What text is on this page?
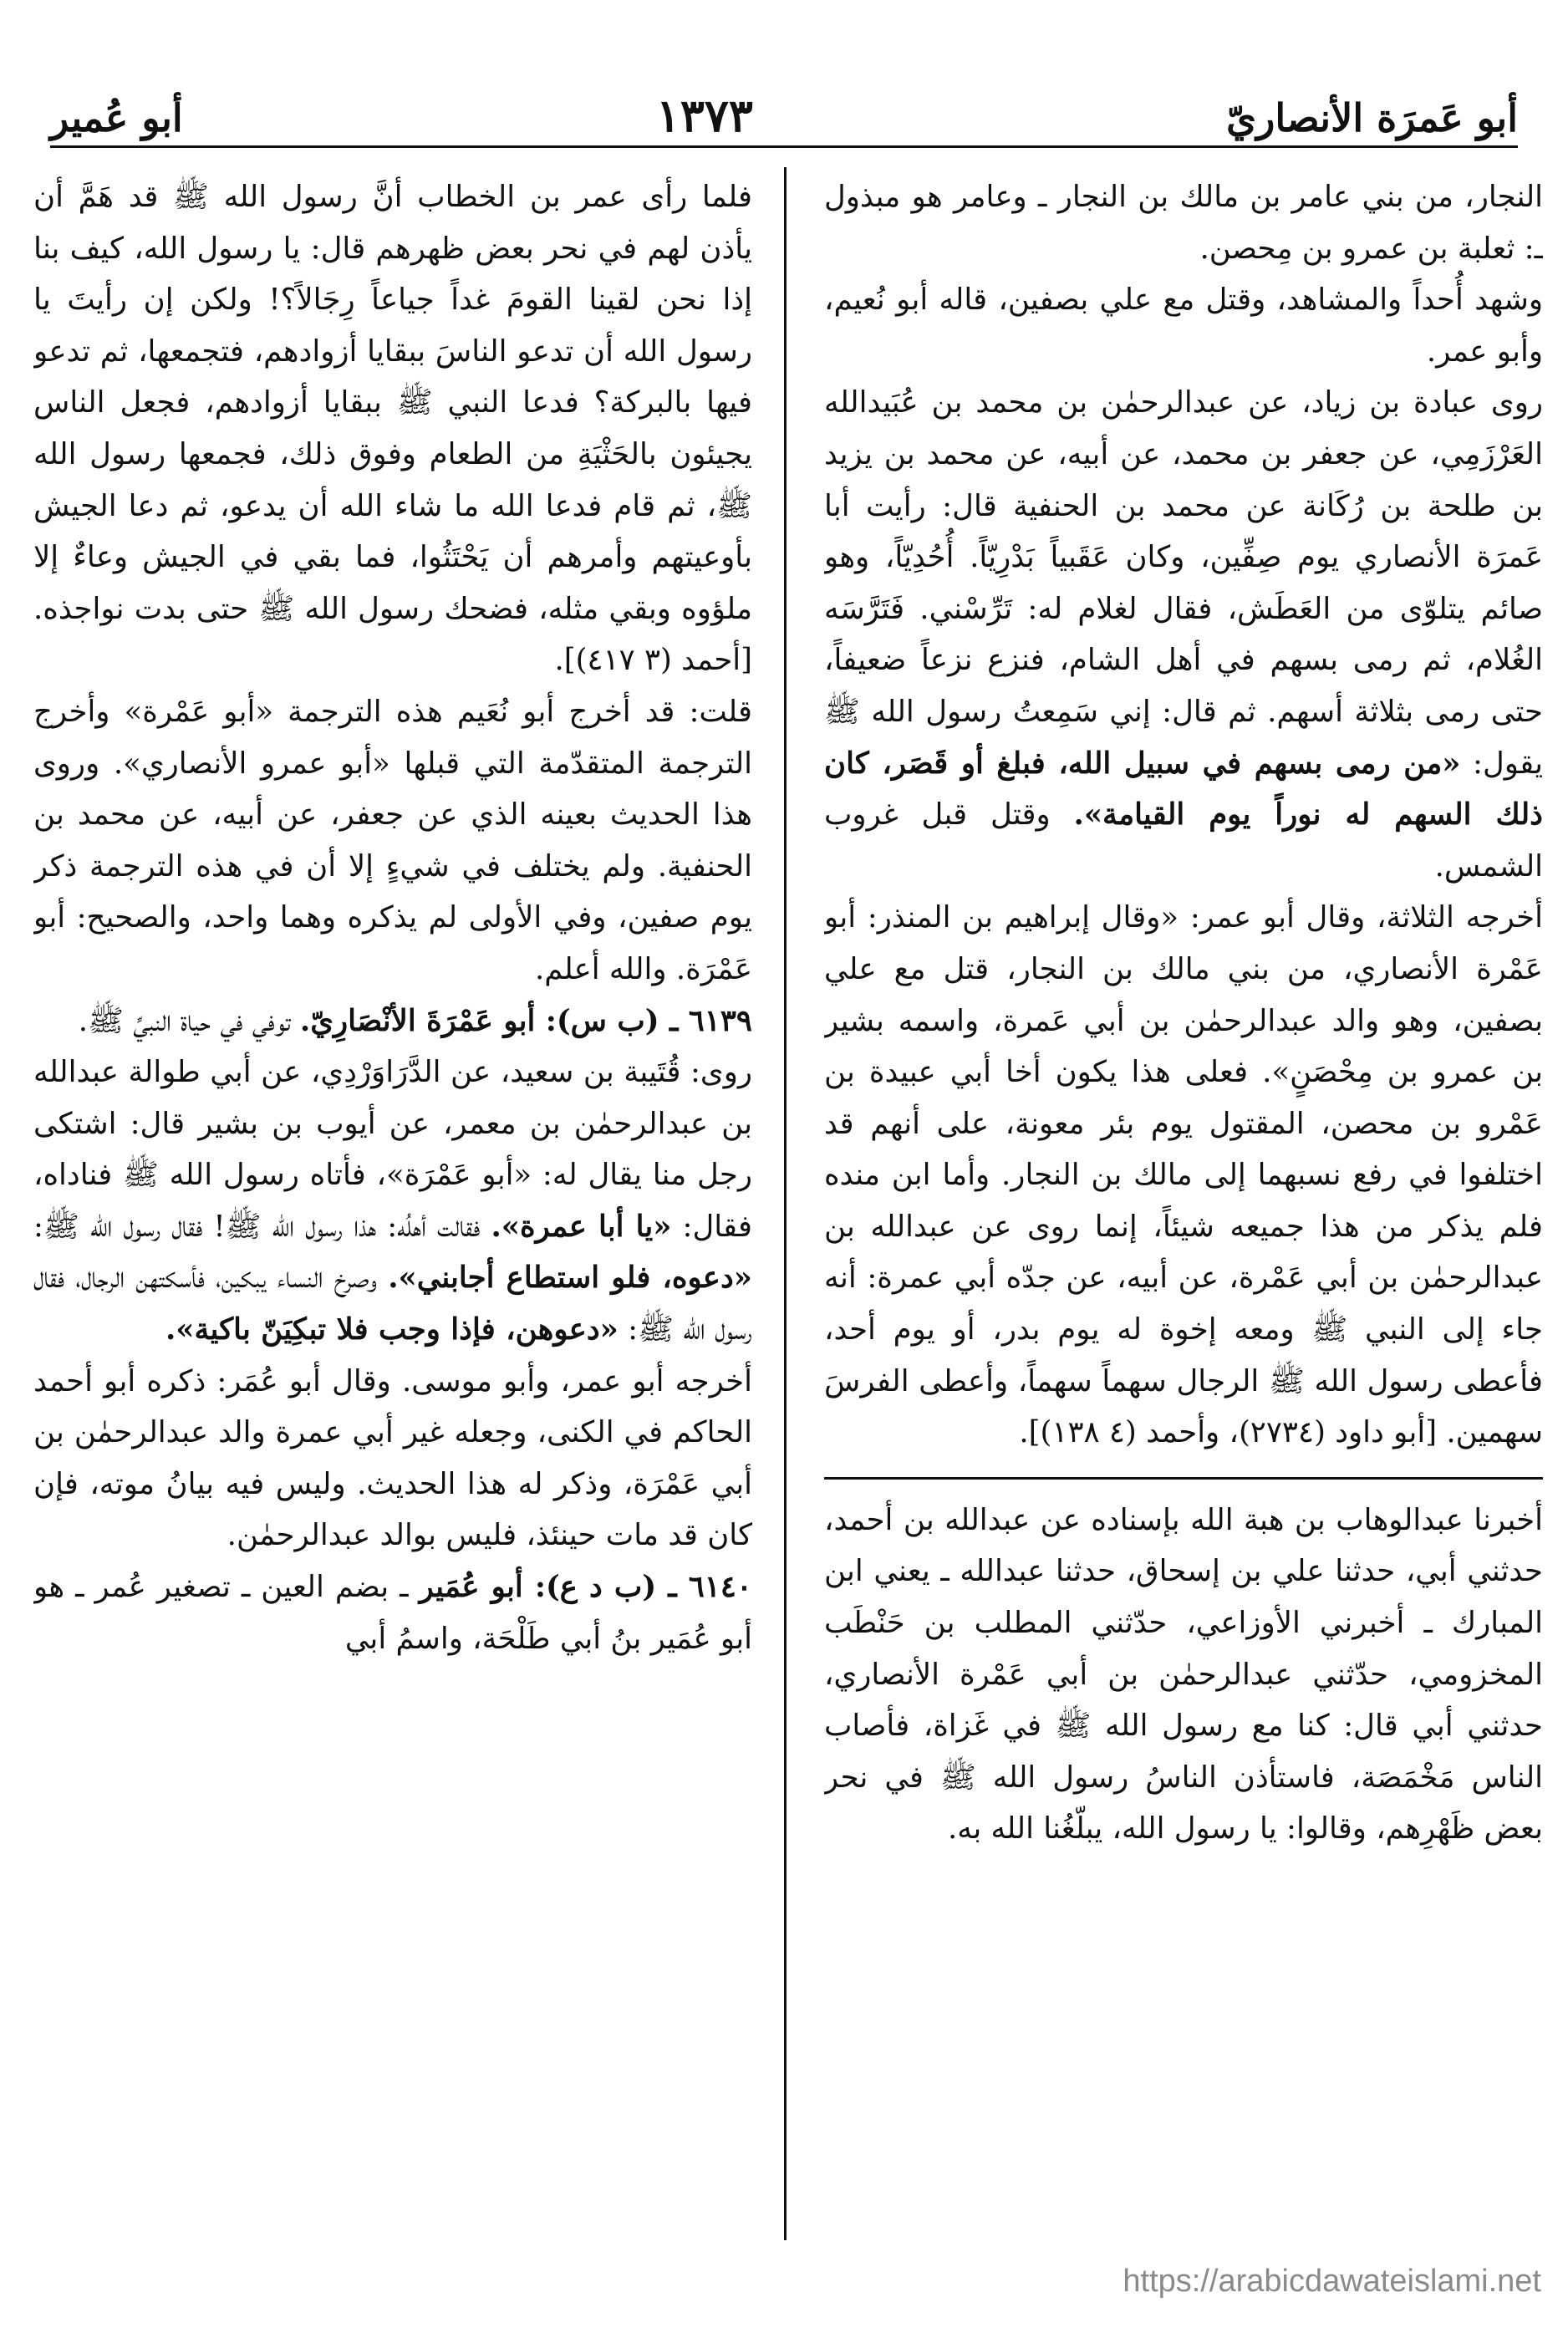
أبو عَمرَة الأنصاريّ
١٣٧٣
أبو عُمير

النجار، من بني عامر بن مالك بن النجار ـ وعامر هو مبذول ـ: ثعلبة بن عمرو بن مِحصن.

وشهد أُحداً والمشاهد، وقتل مع علي بصفين، قاله أبو نُعيم، وأبو عمر.

روى عبادة بن زياد، عن عبدالرحمٰن بن محمد بن عُبَيدالله العَرْزَمِي، عن جعفر بن محمد، عن أبيه، عن محمد بن يزيد بن طلحة بن رُكَانة عن محمد بن الحنفية قال: رأيت أبا عَمرَة الأنصاري يوم صِفِّين، وكان عَقَبياً بَدْرِيّاً. أُحُدِيّاً، وهو صائم يتلوّى من العَطَش، فقال لغلام له: تَرِّسْني. فَتَرَّسَه الغُلام، ثم رمى بسهم في أهل الشام، فنزع نزعاً ضعيفاً، حتى رمى بثلاثة أسهم. ثم قال: إني سَمِعتُ رسول الله ﷺ يقول: «من رمى بسهم في سبيل الله، فبلغ أو قَصَر، كان ذلك السهم له نوراً يوم القيامة». وقتل قبل غروب الشمس.

أخرجه الثلاثة، وقال أبو عمر: «وقال إبراهيم بن المنذر: أبو عَمْرة الأنصاري، من بني مالك بن النجار، قتل مع علي بصفين، وهو والد عبدالرحمٰن بن أبي عَمرة، واسمه بشير بن عمرو بن مِحْصَنٍ». فعلى هذا يكون أخا أبي عبيدة بن عَمْرو بن محصن، المقتول يوم بئر معونة، على أنهم قد اختلفوا في رفع نسبهما إلى مالك بن النجار. وأما ابن منده فلم يذكر من هذا جميعه شيئاً، إنما روى عن عبدالله بن عبدالرحمٰن بن أبي عَمْرة، عن أبيه، عن جدّه أبي عمرة: أنه جاء إلى النبي ﷺ ومعه إخوة له يوم بدر، أو يوم أحد، فأعطى رسول الله ﷺ الرجال سهماً سهماً، وأعطى الفرسَ سهمين. [أبو داود (٢٧٣٤)، وأحمد (٤ ١٣٨)].

أخبرنا عبدالوهاب بن هبة الله بإسناده عن عبدالله بن أحمد، حدثني أبي، حدثنا علي بن إسحاق، حدثنا عبدالله ـ يعني ابن المبارك ـ أخبرني الأوزاعي، حدّثني المطلب بن حَنْطَب المخزومي، حدّثني عبدالرحمٰن بن أبي عَمْرة الأنصاري، حدثني أبي قال: كنا مع رسول الله ﷺ في غَزاة، فأصاب الناس مَخْمَصَة، فاستأذن الناسُ رسول الله ﷺ في نحر بعض ظَهْرِهم، وقالوا: يا رسول الله، يبلّغُنا الله به.

فلما رأى عمر بن الخطاب أنَّ رسول الله ﷺ قد هَمَّ أن يأذن لهم في نحر بعض ظهرهم قال: يا رسول الله، كيف بنا إذا نحن لقينا القومَ غداً جياعاً رِجَالاً؟! ولكن إن رأيتَ يا رسول الله أن تدعو الناسَ ببقايا أزوادهم، فتجمعها، ثم تدعو فيها بالبركة؟ فدعا النبي ﷺ ببقايا أزوادهم، فجعل الناس يجيئون بالحَثْيَةِ من الطعام وفوق ذلك، فجمعها رسول الله ﷺ، ثم قام فدعا الله ما شاء الله أن يدعو، ثم دعا الجيش بأوعيتهم وأمرهم أن يَحْتَثُوا، فما بقي في الجيش وعاءٌ إلا ملؤوه وبقي مثله، فضحك رسول الله ﷺ حتى بدت نواجذه. [أحمد (٣ ٤١٧)].

قلت: قد أخرج أبو نُعَيم هذه الترجمة «أبو عَمْرة» وأخرج الترجمة المتقدّمة التي قبلها «أبو عمرو الأنصاري». وروى هذا الحديث بعينه الذي عن جعفر، عن أبيه، عن محمد بن الحنفية. ولم يختلف في شيءٍ إلا أن في هذه الترجمة ذكر يوم صفين، وفي الأولى لم يذكره وهما واحد، والصحيح: أبو عَمْرَة. والله أعلم.

٦١٣٩ ـ (ب س): أبو عَمْرَةَ الأنْصَارِيّ. توفي في حياة النبيِّ ﷺ.

روى: قُتَيبة بن سعيد، عن الدَّرَاوَرْدِي، عن أبي طوالة عبدالله بن عبدالرحمٰن بن معمر، عن أيوب بن بشير قال: اشتكى رجل منا يقال له: «أبو عَمْرَة»، فأتاه رسول الله ﷺ فناداه، فقال: «يا أبا عمرة». فقالت أهلُه: هذا رسول الله ﷺ! فقال رسول الله ﷺ: «دعوه، فلو استطاع أجابني». وصرخ النساء يبكين، فأسكتهن الرجال، فقال رسول الله ﷺ: «دعوهن، فإذا وجب فلا تبكِيَنّ باكية».

أخرجه أبو عمر، وأبو موسى. وقال أبو عُمَر: ذكره أبو أحمد الحاكم في الكنى، وجعله غير أبي عمرة والد عبدالرحمٰن بن أبي عَمْرَة، وذكر له هذا الحديث. وليس فيه بيانُ موته، فإن كان قد مات حينئذ، فليس بوالد عبدالرحمٰن.

٦١٤٠ ـ (ب د ع): أبو عُمَير ـ بضم العين ـ تصغير عُمر ـ هو أبو عُمَير بنُ أبي طَلْحَة، واسمُ أبي

https://arabicdawateislami.net
